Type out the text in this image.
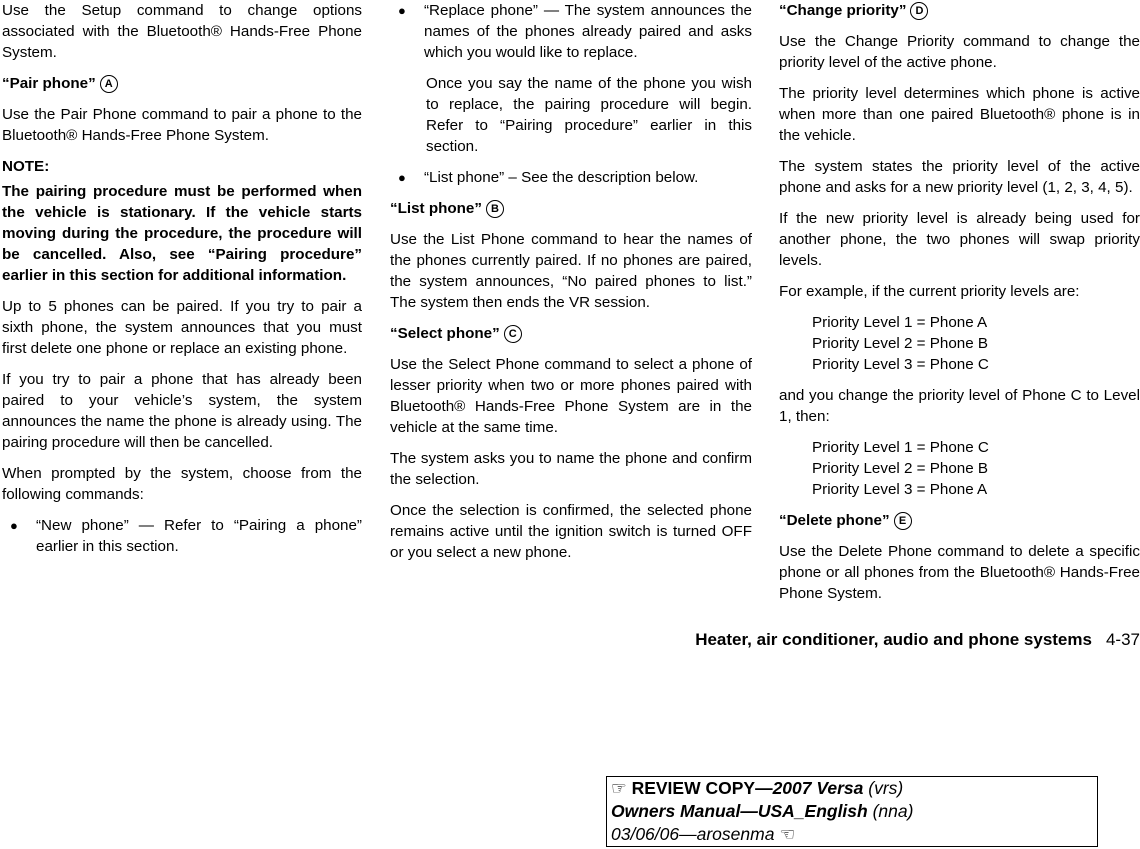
Use the Setup command to change options associated with the Bluetooth® Hands-Free Phone System.

“Pair phone” A

Use the Pair Phone command to pair a phone to the Bluetooth® Hands-Free Phone System.

NOTE:

The pairing procedure must be performed when the vehicle is stationary. If the vehicle starts moving during the procedure, the procedure will be cancelled. Also, see “Pairing procedure” earlier in this section for additional information.

Up to 5 phones can be paired. If you try to pair a sixth phone, the system announces that you must first delete one phone or replace an existing phone.

If you try to pair a phone that has already been paired to your vehicle’s system, the system announces the name the phone is already using. The pairing procedure will then be cancelled.

When prompted by the system, choose from the following commands:

● “New phone” — Refer to “Pairing a phone” earlier in this section.
● “Replace phone” — The system announces the names of the phones already paired and asks which you would like to replace.

Once you say the name of the phone you wish to replace, the pairing procedure will begin. Refer to “Pairing procedure” earlier in this section.

● “List phone” – See the description below.
“List phone” B

Use the List Phone command to hear the names of the phones currently paired. If no phones are paired, the system announces, “No paired phones to list.” The system then ends the VR session.

“Select phone” C

Use the Select Phone command to select a phone of lesser priority when two or more phones paired with Bluetooth® Hands-Free Phone System are in the vehicle at the same time.

The system asks you to name the phone and confirm the selection.

Once the selection is confirmed, the selected phone remains active until the ignition switch is turned OFF or you select a new phone.

“Change priority” D

Use the Change Priority command to change the priority level of the active phone.

The priority level determines which phone is active when more than one paired Bluetooth® phone is in the vehicle.

The system states the priority level of the active phone and asks for a new priority level (1, 2, 3, 4, 5).

If the new priority level is already being used for another phone, the two phones will swap priority levels.

For example, if the current priority levels are:

Priority Level 1 = Phone A
Priority Level 2 = Phone B
Priority Level 3 = Phone C

and you change the priority level of Phone C to Level 1, then:

Priority Level 1 = Phone C
Priority Level 2 = Phone B
Priority Level 3 = Phone A
“Delete phone” E

Use the Delete Phone command to delete a specific phone or all phones from the Bluetooth® Hands-Free Phone System.

Heater, air conditioner, audio and phone systems 4-37
☞ REVIEW COPY—2007 Versa (vrs)
Owners Manual—USA_English (nna)
03/06/06—arosenma ☜
